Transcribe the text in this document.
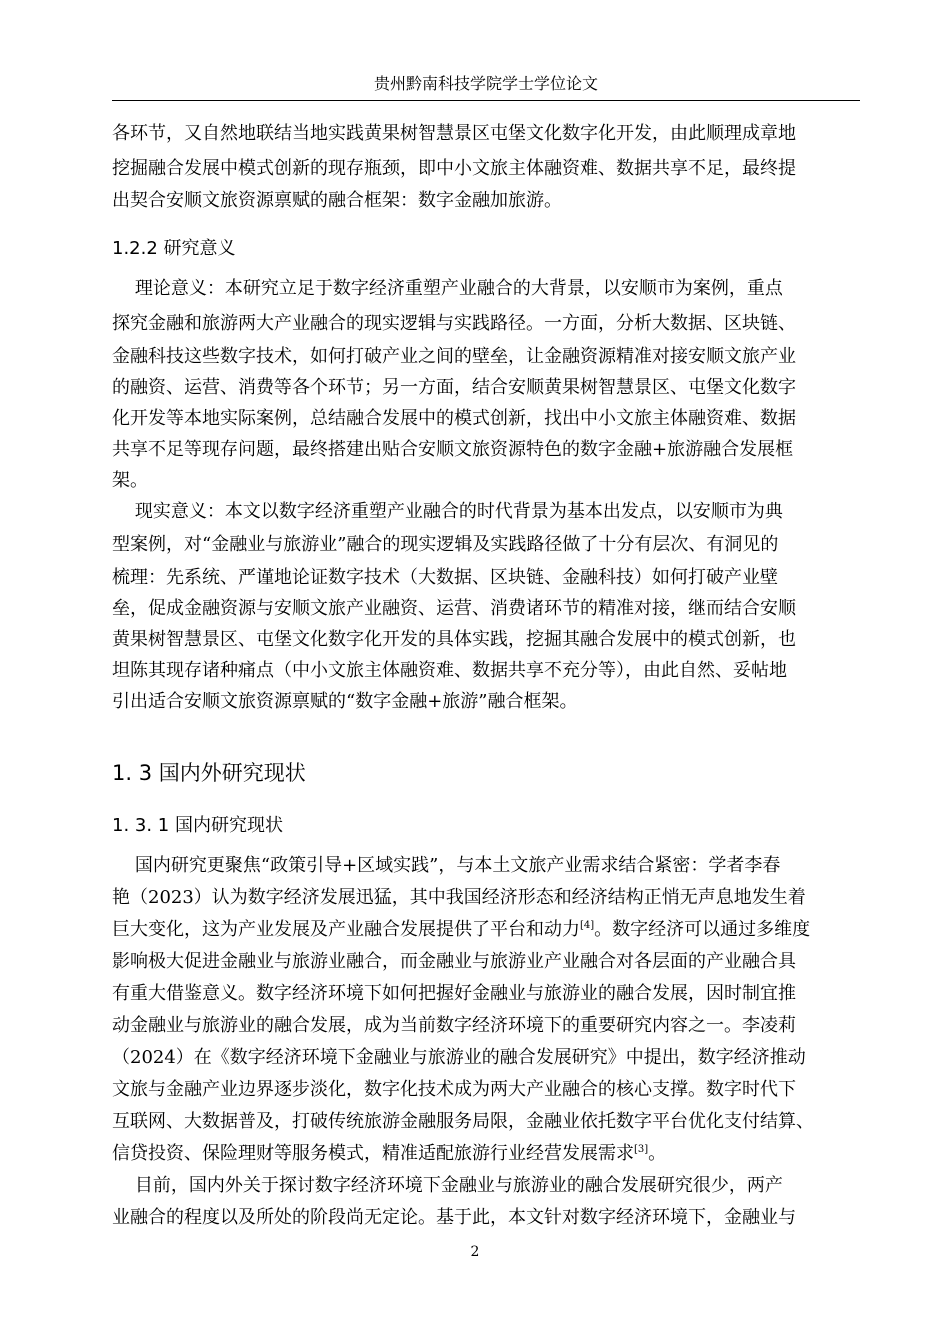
贵州黔南科技学院学士学位论文
各环节，又自然地联结当地实践黄果树智慧景区屯堡文化数字化开发，由此顺理成章地
挖掘融合发展中模式创新的现存瓶颈，即中小文旅主体融资难、数据共享不足，最终提
出契合安顺文旅资源禀赋的融合框架：数字金融加旅游。
1.2.2 研究意义
理论意义：本研究立足于数字经济重塑产业融合的大背景，以安顺市为案例，重点
探究金融和旅游两大产业融合的现实逻辑与实践路径。一方面，分析大数据、区块链、
金融科技这些数字技术，如何打破产业之间的壁垒，让金融资源精准对接安顺文旅产业
的融资、运营、消费等各个环节；另一方面，结合安顺黄果树智慧景区、屯堡文化数字
化开发等本地实际案例，总结融合发展中的模式创新，找出中小文旅主体融资难、数据
共享不足等现存问题，最终搭建出贴合安顺文旅资源特色的数字金融+旅游融合发展框
架。
现实意义：本文以数字经济重塑产业融合的时代背景为基本出发点，以安顺市为典
型案例，对“金融业与旅游业”融合的现实逻辑及实践路径做了十分有层次、有洞见的
梳理：先系统、严谨地论证数字技术（大数据、区块链、金融科技）如何打破产业壁
垒，促成金融资源与安顺文旅产业融资、运营、消费诸环节的精准对接，继而结合安顺
黄果树智慧景区、屯堡文化数字化开发的具体实践，挖掘其融合发展中的模式创新，也
坦陈其现存诸种痛点（中小文旅主体融资难、数据共享不充分等），由此自然、妥帖地
引出适合安顺文旅资源禀赋的“数字金融+旅游”融合框架。
1. 3 国内外研究现状
1. 3. 1 国内研究现状
国内研究更聚焦“政策引导+区域实践”，与本土文旅产业需求结合紧密：学者李春
艳（2023）认为数字经济发展迅猛，其中我国经济形态和经济结构正悄无声息地发生着
巨大变化，这为产业发展及产业融合发展提供了平台和动力[4]。数字经济可以通过多维度
影响极大促进金融业与旅游业融合，而金融业与旅游业产业融合对各层面的产业融合具
有重大借鉴意义。数字经济环境下如何把握好金融业与旅游业的融合发展，因时制宜推
动金融业与旅游业的融合发展，成为当前数字经济环境下的重要研究内容之一。李凌莉
（2024）在《数字经济环境下金融业与旅游业的融合发展研究》中提出，数字经济推动
文旅与金融产业边界逐步淡化，数字化技术成为两大产业融合的核心支撑。数字时代下
互联网、大数据普及，打破传统旅游金融服务局限，金融业依托数字平台优化支付结算、
信贷投资、保险理财等服务模式，精准适配旅游行业经营发展需求[3]。
目前，国内外关于探讨数字经济环境下金融业与旅游业的融合发展研究很少，两产
业融合的程度以及所处的阶段尚无定论。基于此，本文针对数字经济环境下，金融业与
2
